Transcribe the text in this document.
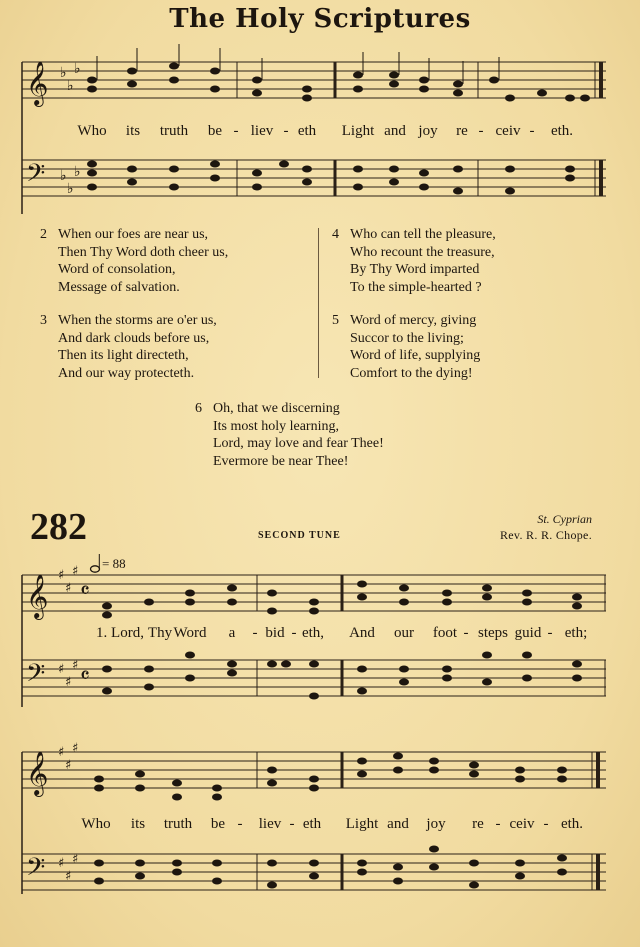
The Holy Scriptures
𝄞 ♭
♭
♭
Who its truth be - liev - eth Light and joy re - ceiv - eth.
𝄢 ♭
♭
♭
2 When our foes are near us,
Then Thy Word doth cheer us,
Word of consolation,
Message of salvation.
3 When the storms are o'er us,
And dark clouds before us,
Then its light directeth,
And our way protecteth.
4 Who can tell the pleasure,
Who recount the treasure,
By Thy Word imparted
To the simple-hearted ?
5 Word of mercy, giving
Succor to the living;
Word of life, supplying
Comfort to the dying!
6 Oh, that we discerning
Its most holy learning,
Lord, may love and fear Thee!
Evermore be near Thee!
282	SECOND TUNE
St. Cyprian
Rev. R. R. Chope.
= 88
𝄞 ♯
♯
♯
𝄴
1. Lord, Thy Word a - bid - eth, And our foot - steps guid - eth;
𝄢 ♯
♯
♯ 𝄴
𝄞 ♯
♯
♯
Who its truth be - liev - eth Light and joy re - ceiv - eth.
𝄢 ♯
♯
♯
